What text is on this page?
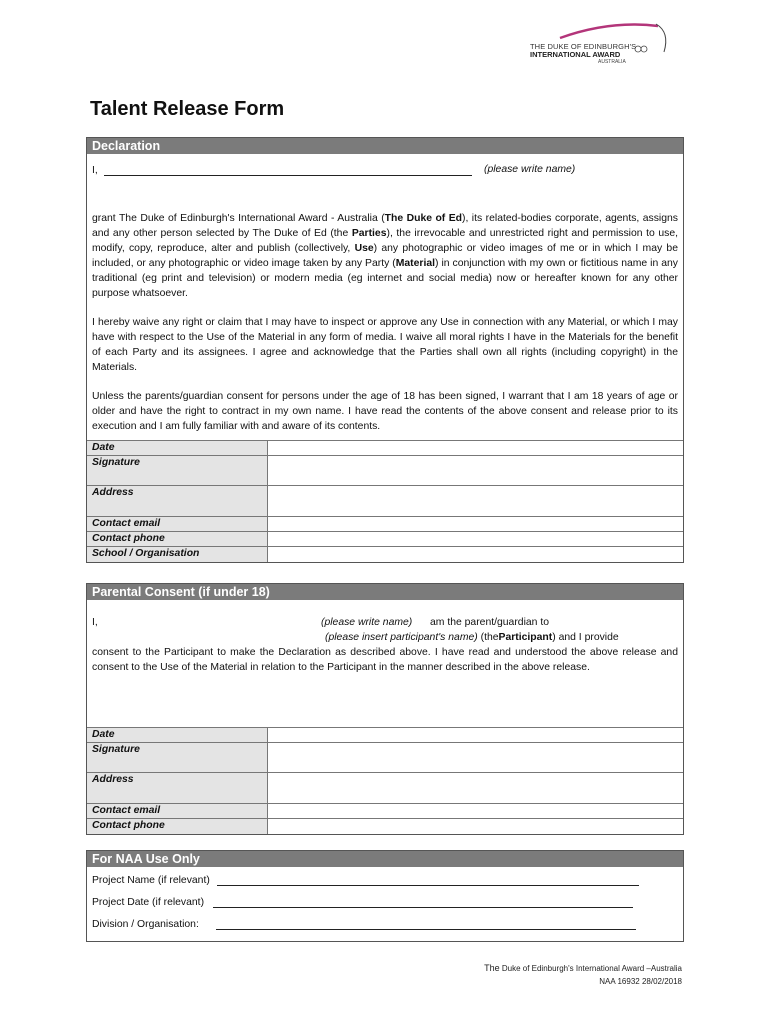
THE DUKE OF EDINBURGH'S
INTERNATIONAL AWARD
AUSTRALIA
Talent Release Form
Declaration
I,	(please write name)
grant The Duke of Edinburgh's International Award - Australia (The Duke of Ed), its related-bodies corporate, agents, assigns and any other person selected by The Duke of Ed (the Parties), the irrevocable and unrestricted right and permission to use, modify, copy, reproduce, alter and publish (collectively, Use) any photographic or video images of me or in which I may be included, or any photographic or video image taken by any Party (Material) in conjunction with my own or fictitious name in any traditional (eg print and television) or modern media (eg internet and social media) now or hereafter known for any other purpose whatsoever.
I hereby waive any right or claim that I may have to inspect or approve any Use in connection with any Material, or which I may have with respect to the Use of the Material in any form of media. I waive all moral rights I have in the Materials for the benefit of each Party and its assignees. I agree and acknowledge that the Parties shall own all rights (including copyright) in the Materials.
Unless the parents/guardian consent for persons under the age of 18 has been signed, I warrant that I am 18 years of age or older and have the right to contract in my own name. I have read the contents of the above consent and release prior to its execution and I am fully familiar with and aware of its contents.
Date	
Signature	
Address	
Contact email	
Contact phone	
School / Organisation	
Parental Consent (if under 18)
I,	(please write name) am the parent/guardian to
(please insert participant's name) (theParticipant) and I provide
consent to the Participant to make the Declaration as described above. I have read and understood the above release and consent to the Use of the Material in relation to the Participant in the manner described in the above release.
Date	
Signature	
Address	
Contact email	
Contact phone	
For NAA Use Only
Project Name (if relevant)
Project Date (if relevant)
Division / Organisation:
The Duke of Edinburgh's International Award –Australia
NAA 16932 28/02/2018
